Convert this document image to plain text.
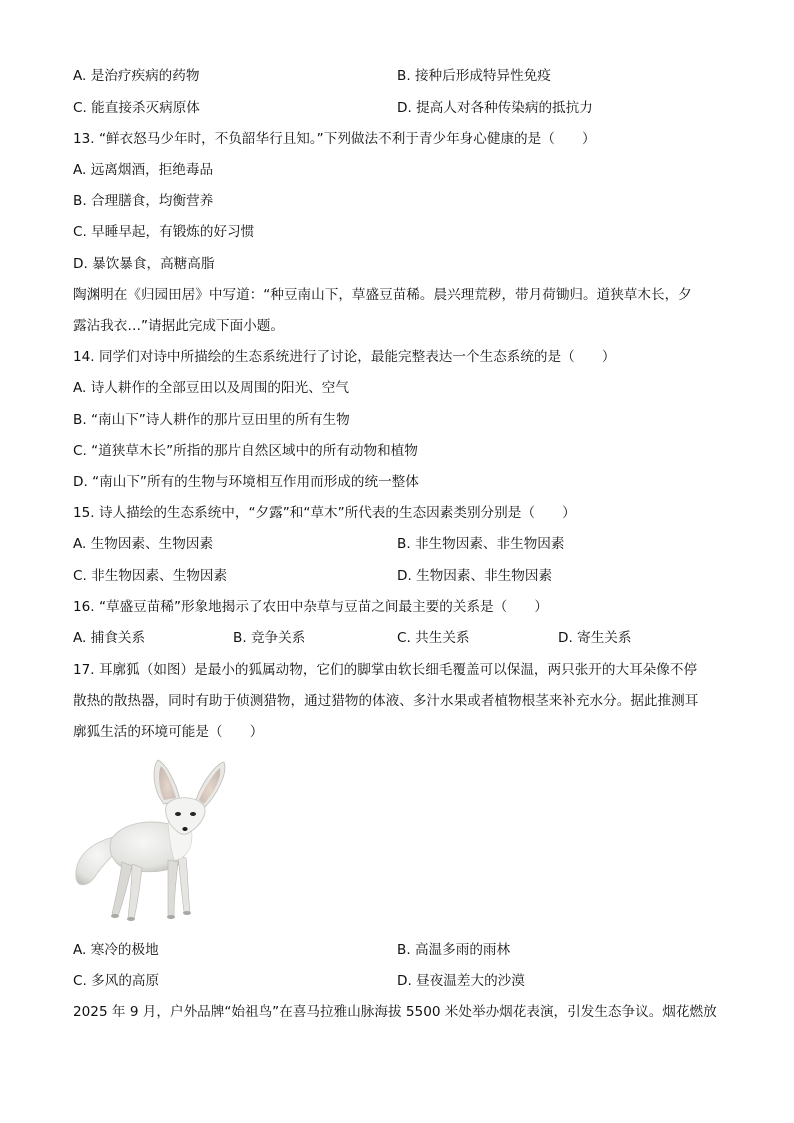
A. 是治疗疾病的药物	B. 接种后形成特异性免疫
C. 能直接杀灭病原体	D. 提高人对各种传染病的抵抗力
13. “鲜衣怒马少年时，不负韶华行且知。”下列做法不利于青少年身心健康的是（　　）
A. 远离烟酒，拒绝毒品
B. 合理膳食，均衡营养
C. 早睡早起，有锻炼的好习惯
D. 暴饮暴食，高糖高脂
陶渊明在《归园田居》中写道：“种豆南山下，草盛豆苗稀。晨兴理荒秽，带月荷锄归。道狭草木长，夕
露沾我衣…”请据此完成下面小题。
14. 同学们对诗中所描绘的生态系统进行了讨论，最能完整表达一个生态系统的是（　　）
A. 诗人耕作的全部豆田以及周围的阳光、空气
B. “南山下”诗人耕作的那片豆田里的所有生物
C. “道狭草木长”所指的那片自然区域中的所有动物和植物
D. “南山下”所有的生物与环境相互作用而形成的统一整体
15. 诗人描绘的生态系统中，“夕露”和“草木”所代表的生态因素类别分别是（　　）
A. 生物因素、生物因素	B. 非生物因素、非生物因素
C. 非生物因素、生物因素	D. 生物因素、非生物因素
16. “草盛豆苗稀”形象地揭示了农田中杂草与豆苗之间最主要的关系是（　　）
A. 捕食关系	B. 竞争关系	C. 共生关系	D. 寄生关系
17. 耳廓狐（如图）是最小的狐属动物，它们的脚掌由软长细毛覆盖可以保温，两只张开的大耳朵像不停
散热的散热器，同时有助于侦测猎物，通过猎物的体液、多汁水果或者植物根茎来补充水分。据此推测耳
廓狐生活的环境可能是（　　）
A. 寒冷的极地	B. 高温多雨的雨林
C. 多风的高原	D. 昼夜温差大的沙漠
2025 年 9 月，户外品牌“始祖鸟”在喜马拉雅山脉海拔 5500 米处举办烟花表演，引发生态争议。烟花燃放
